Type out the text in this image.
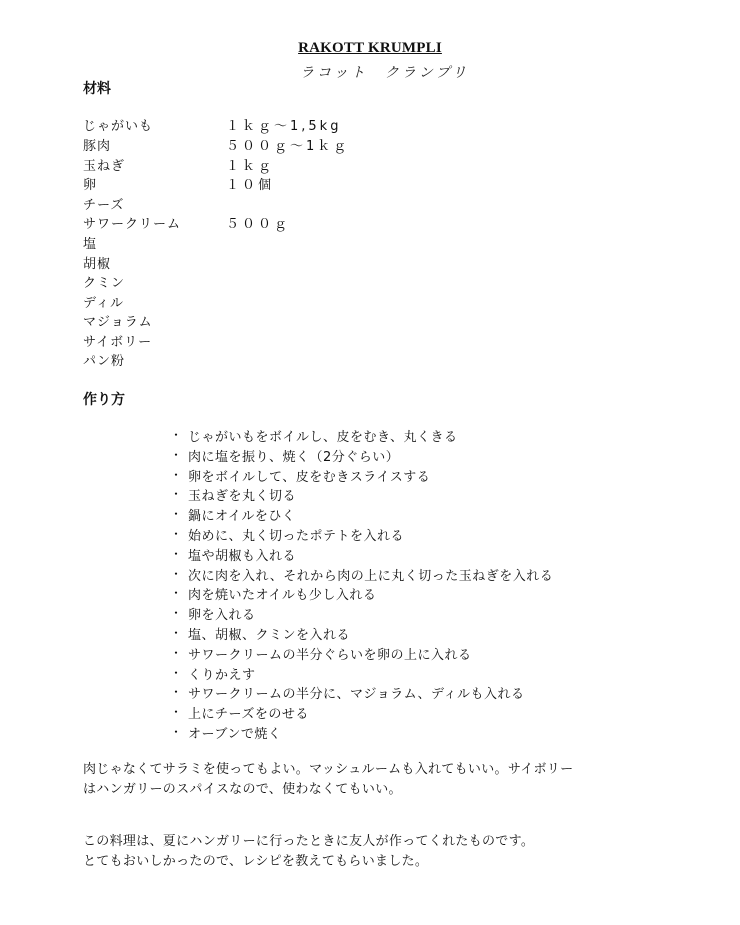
RAKOTT KRUMPLI
ラコット　クランプリ
材料
じゃがいも	１ｋｇ～1,5kg
豚肉	５００ｇ～1ｋｇ
玉ねぎ	１ｋｇ
卵	１０個
チーズ
サワークリーム	５００ｇ
塩
胡椒
クミン
ディル
マジョラム
サイボリー
パン粉
作り方
・ じゃがいもをボイルし、皮をむき、丸くきる
・ 肉に塩を振り、焼く（2分ぐらい）
・ 卵をボイルして、皮をむきスライスする
・ 玉ねぎを丸く切る
・ 鍋にオイルをひく
・ 始めに、丸く切ったポテトを入れる
・ 塩や胡椒も入れる
・ 次に肉を入れ、それから肉の上に丸く切った玉ねぎを入れる
・ 肉を焼いたオイルも少し入れる
・ 卵を入れる
・ 塩、胡椒、クミンを入れる
・ サワークリームの半分ぐらいを卵の上に入れる
・ くりかえす
・ サワークリームの半分に、マジョラム、ディルも入れる
・ 上にチーズをのせる
・ オーブンで焼く

肉じゃなくてサラミを使ってもよい。マッシュルームも入れてもいい。サイボリー

はハンガリーのスパイスなので、使わなくてもいい。

この料理は、夏にハンガリーに行ったときに友人が作ってくれたものです。

とてもおいしかったので、レシピを教えてもらいました。
